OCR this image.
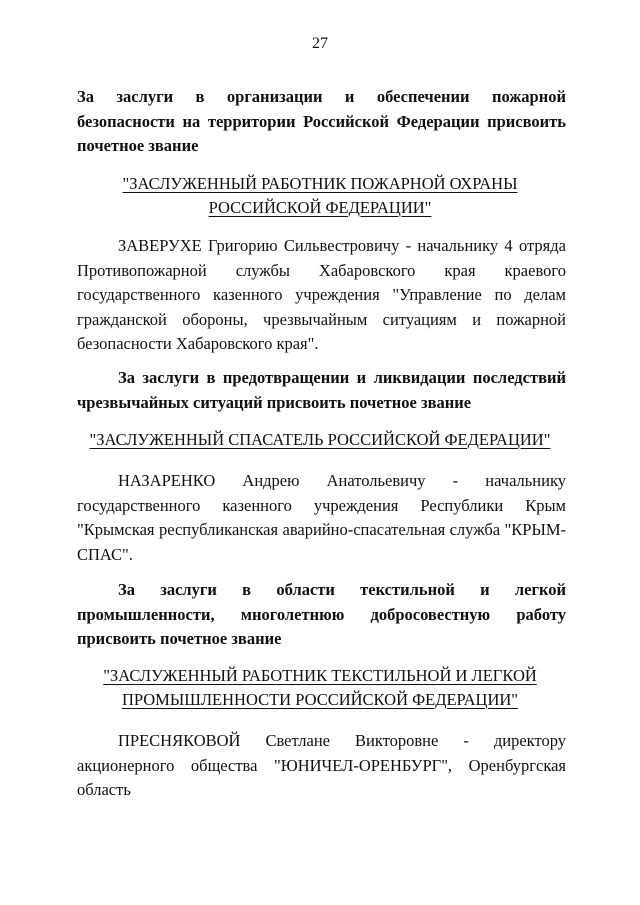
27
За заслуги в организации и обеспечении пожарной
безопасности на территории Российской Федерации присвоить
почетное звание
"ЗАСЛУЖЕННЫЙ РАБОТНИК ПОЖАРНОЙ ОХРАНЫ
РОССИЙСКОЙ ФЕДЕРАЦИИ"
ЗАВЕРУХЕ Григорию Сильвестровичу - начальнику 4 отряда
Противопожарной службы Хабаровского края краевого
государственного казенного учреждения "Управление по делам
гражданской обороны, чрезвычайным ситуациям и пожарной
безопасности Хабаровского края".
За заслуги в предотвращении и ликвидации последствий
чрезвычайных ситуаций присвоить почетное звание
"ЗАСЛУЖЕННЫЙ СПАСАТЕЛЬ РОССИЙСКОЙ ФЕДЕРАЦИИ"
НАЗАРЕНКО Андрею Анатольевичу - начальнику
государственного казенного учреждения Республики Крым
"Крымская республиканская аварийно-спасательная служба "КРЫМ-
СПАС".
За заслуги в области текстильной и легкой
промышленности, многолетнюю добросовестную работу
присвоить почетное звание
"ЗАСЛУЖЕННЫЙ РАБОТНИК ТЕКСТИЛЬНОЙ И ЛЕГКОЙ
ПРОМЫШЛЕННОСТИ РОССИЙСКОЙ ФЕДЕРАЦИИ"
ПРЕСНЯКОВОЙ Светлане Викторовне - директору
акционерного общества "ЮНИЧЕЛ-ОРЕНБУРГ", Оренбургская
область
